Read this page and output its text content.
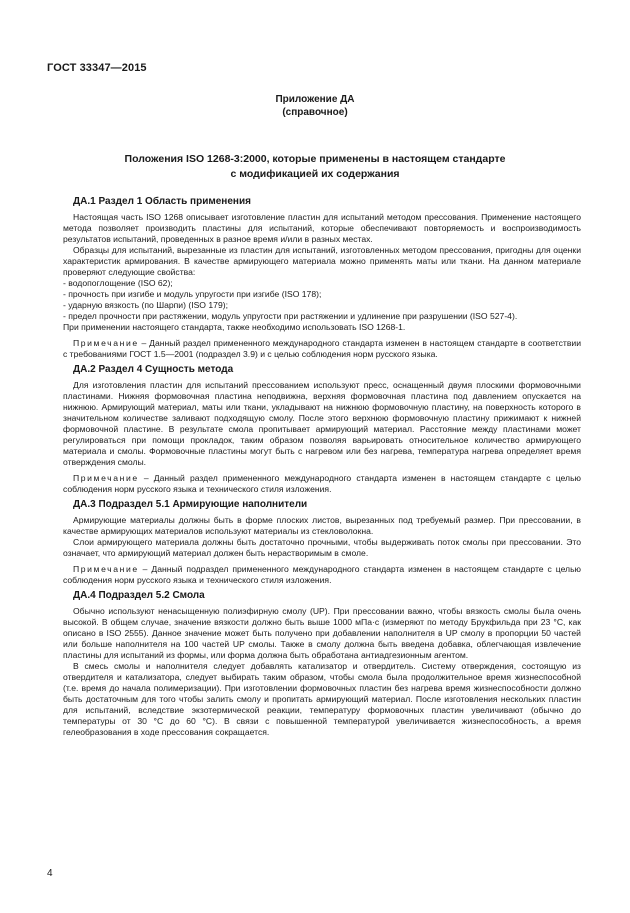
ГОСТ 33347—2015
Приложение ДА
(справочное)
Положения ISO 1268-3:2000, которые применены в настоящем стандарте
с модификацией их содержания
ДА.1 Раздел 1 Область применения

Настоящая часть ISO 1268 описывает изготовление пластин для испытаний методом прессования. Применение настоящего метода позволяет производить пластины для испытаний, которые обеспечивают повторяемость и воспроизводимость результатов испытаний, проведенных в разное время и/или в разных местах.

Образцы для испытаний, вырезанные из пластин для испытаний, изготовленных методом прессования, пригодны для оценки характеристик армирования. В качестве армирующего материала можно применять маты или ткани. На данном материале проверяют следующие свойства:

- водопоглощение (ISO 62);

- прочность при изгибе и модуль упругости при изгибе (ISO 178);

- ударную вязкость (по Шарпи) (ISO 179);

- предел прочности при растяжении, модуль упругости при растяжении и удлинение при разрушении (ISO 527-4).

При применении настоящего стандарта, также необходимо использовать ISO 1268-1.

Примечание – Данный раздел примененного международного стандарта изменен в настоящем стандарте в соответствии с требованиями ГОСТ 1.5—2001 (подраздел 3.9) и с целью соблюдения норм русского языка.

ДА.2 Раздел 4 Сущность метода

Для изготовления пластин для испытаний прессованием используют пресс, оснащенный двумя плоскими формовочными пластинами. Нижняя формовочная пластина неподвижна, верхняя формовочная пластина под давлением опускается на нижнюю. Армирующий материал, маты или ткани, укладывают на нижнюю формовочную пластину, на поверхность которого в значительном количестве заливают подходящую смолу. После этого верхнюю формовочную пластину прижимают к нижней формовочной пластине. В результате смола пропитывает армирующий материал. Расстояние между пластинами может регулироваться при помощи прокладок, таким образом позволяя варьировать относительное количество армирующего материала и смолы. Формовочные пластины могут быть с нагревом или без нагрева, температура нагрева определяет время отверждения смолы.

Примечание – Данный раздел примененного международного стандарта изменен в настоящем стандарте с целью соблюдения норм русского языка и технического стиля изложения.

ДА.3 Подраздел 5.1 Армирующие наполнители

Армирующие материалы должны быть в форме плоских листов, вырезанных под требуемый размер. При прессовании, в качестве армирующих материалов используют материалы из стекловолокна.

Слои армирующего материала должны быть достаточно прочными, чтобы выдерживать поток смолы при прессовании. Это означает, что армирующий материал должен быть нерастворимым в смоле.

Примечание – Данный подраздел примененного международного стандарта изменен в настоящем стандарте с целью соблюдения норм русского языка и технического стиля изложения.

ДА.4 Подраздел 5.2 Смола

Обычно используют ненасыщенную полиэфирную смолу (UP). При прессовании важно, чтобы вязкость смолы была очень высокой. В общем случае, значение вязкости должно быть выше 1000 мПа·с (измеряют по методу Брукфильда при 23 °C, как описано в ISO 2555). Данное значение может быть получено при добавлении наполнителя в UP смолу в пропорции 50 частей или больше наполнителя на 100 частей UP смолы. Также в смолу должна быть введена добавка, облегчающая извлечение пластины для испытаний из формы, или форма должна быть обработана антиадгезионным агентом.

В смесь смолы и наполнителя следует добавлять катализатор и отвердитель. Систему отверждения, состоящую из отвердителя и катализатора, следует выбирать таким образом, чтобы смола была продолжительное время жизнеспособной (т.е. время до начала полимеризации). При изготовлении формовочных пластин без нагрева время жизнеспособности должно быть достаточным для того чтобы залить смолу и пропитать армирующий материал. После изготовления нескольких пластин для испытаний, вследствие экзотермической реакции, температуру формовочных пластин увеличивают (обычно до температуры от 30 °С до 60 °С). В связи с повышенной температурой увеличивается жизнеспособность, а время гелеобразования в ходе прессования сокращается.

4
